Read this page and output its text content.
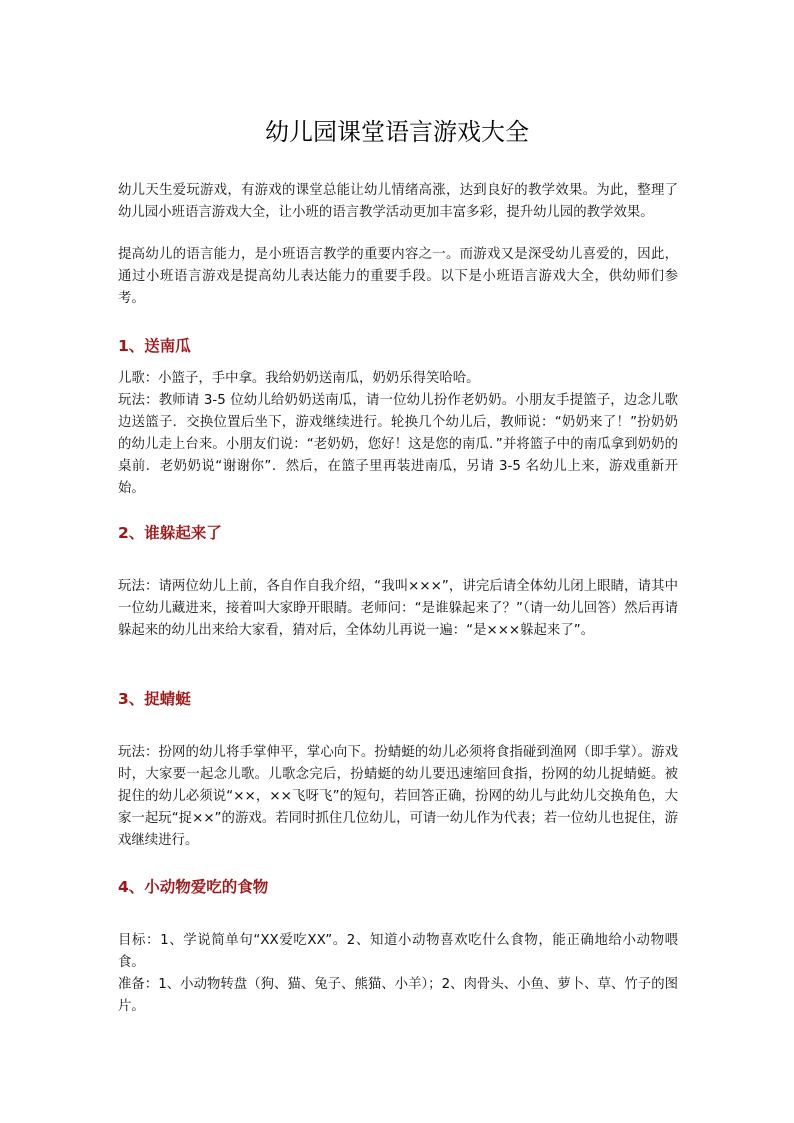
幼儿园课堂语言游戏大全

幼儿天生爱玩游戏，有游戏的课堂总能让幼儿情绪高涨，达到良好的教学效果。为此，整理了幼儿园小班语言游戏大全，让小班的语言教学活动更加丰富多彩，提升幼儿园的教学效果。

提高幼儿的语言能力，是小班语言教学的重要内容之一。而游戏又是深受幼儿喜爱的，因此，通过小班语言游戏是提高幼儿表达能力的重要手段。以下是小班语言游戏大全，供幼师们参考。

1、送南瓜

儿歌：小篮子，手中拿。我给奶奶送南瓜，奶奶乐得笑哈哈。

玩法：教师请 3-5 位幼儿给奶奶送南瓜，请一位幼儿扮作老奶奶。小朋友手提篮子，边念儿歌边送篮子．交换位置后坐下，游戏继续进行。轮换几个幼儿后，教师说：“奶奶来了！”扮奶奶的幼儿走上台来。小朋友们说：“老奶奶，您好！这是您的南瓜．”并将篮子中的南瓜拿到奶奶的桌前．老奶奶说“谢谢你”．然后，在篮子里再装进南瓜，另请 3-5 名幼儿上来，游戏重新开始。

2、谁躲起来了

玩法：请两位幼儿上前，各自作自我介绍，“我叫×××”，讲完后请全体幼儿闭上眼睛，请其中一位幼儿藏进来，接着叫大家睁开眼睛。老师问：“是谁躲起来了？”（请一幼儿回答）然后再请躲起来的幼儿出来给大家看，猜对后，全体幼儿再说一遍：“是×××躲起来了”。

3、捉蜻蜓

玩法：扮网的幼儿将手掌伸平，掌心向下。扮蜻蜓的幼儿必须将食指碰到渔网（即手掌）。游戏时，大家要一起念儿歌。儿歌念完后，扮蜻蜓的幼儿要迅速缩回食指，扮网的幼儿捉蜻蜓。被捉住的幼儿必须说“××，××飞呀飞”的短句，若回答正确，扮网的幼儿与此幼儿交换角色，大家一起玩“捉××”的游戏。若同时抓住几位幼儿，可请一幼儿作为代表；若一位幼儿也捉住，游戏继续进行。

4、小动物爱吃的食物

目标：1、学说简单句“XX爱吃XX”。2、知道小动物喜欢吃什么食物，能正确地给小动物喂食。

准备：1、小动物转盘（狗、猫、兔子、熊猫、小羊）；2、肉骨头、小鱼、萝卜、草、竹子的图片。
